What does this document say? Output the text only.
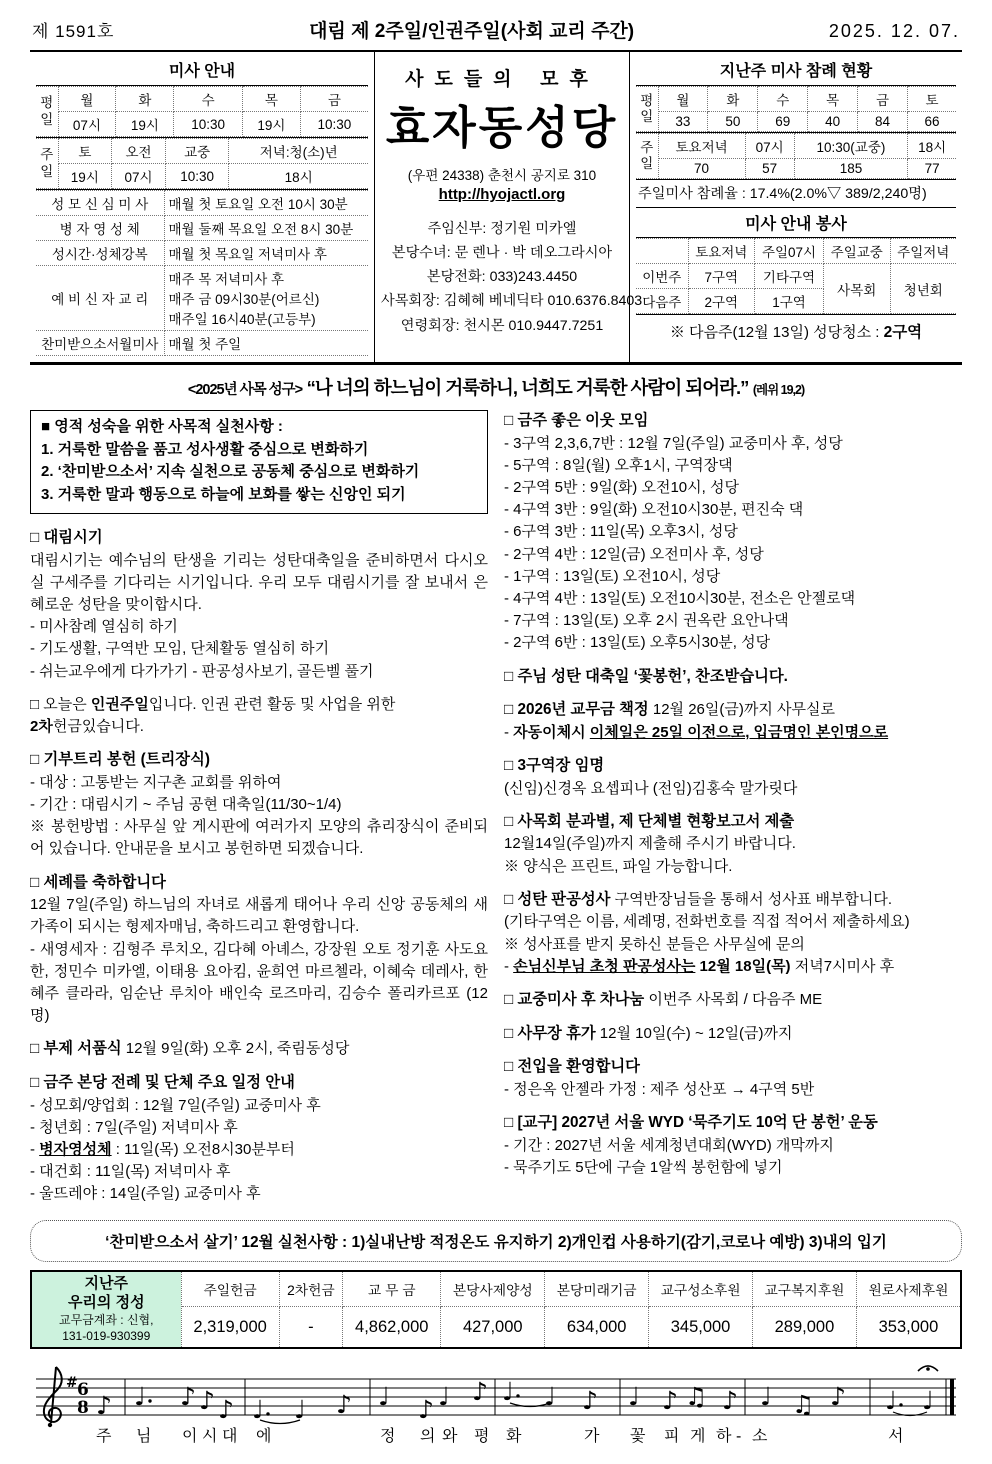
제 1591호	대림 제 2주일/인권주일(사회 교리 주간)	2025. 12. 07.
미사 안내
평일	월	화	수	목	금
	07시	19시	10:30	19시	10:30
주일	토	오전	교중	저녁:청(소)년
	19시	07시	10:30	18시
성 모 신 심 미 사	매월 첫 토요일 오전 10시 30분
병 자 영 성 체	매월 둘째 목요일 오전 8시 30분
성시간·성체강복	매월 첫 목요일 저녁미사 후
예 비 신 자 교 리	매주 목 저녁미사 후
매주 금 09시30분(어르신)
매주일 16시40분(고등부)

찬미받으소서월미사	매월 첫 주일
사도들의 모후
효자동성당
(우편 24338) 춘천시 공지로 310
http://hyojactl.org
주임신부: 정기원 미카엘
본당수녀: 문 렌나 · 박 데오그라시아
본당전화: 033)243.4450
사목회장: 김혜혜 베네딕타 010.6376.8403
연령회장: 천시몬 010.9447.7251
지난주 미사 참례 현황
평일	월	화	수	목	금	토
	33	50	69	40	84	66
주일	토요저녁	07시	10:30(교중)	18시
	70	57	185	77
주일미사 참례율 : 17.4%(2.0%▽ 389/2,240명)
미사 안내 봉사
	토요저녁	주일07시	주일교중	주일저녁
이번주	7구역	기타구역	사목회	청년회
다음주	2구역	1구역		
※ 다음주(12월 13일) 성당청소 : 2구역
<2025년 사목 성구> “나 너의 하느님이 거룩하니, 너희도 거룩한 사람이 되어라.” (레위 19,2)
■ 영적 성숙을 위한 사목적 실천사항 :
1. 거룩한 말씀을 품고 성사생활 중심으로 변화하기
2. ‘찬미받으소서’ 지속 실천으로 공동체 중심으로 변화하기
3. 거룩한 말과 행동으로 하늘에 보화를 쌓는 신앙인 되기
□ 대림시기
대림시기는 예수님의 탄생을 기리는 성탄대축일을 준비하면서 다시오실 구세주를 기다리는 시기입니다. 우리 모두 대림시기를 잘 보내서 은혜로운 성탄을 맞이합시다.
- 미사참례 열심히 하기
- 기도생활, 구역반 모임, 단체활동 열심히 하기
- 쉬는교우에게 다가가기 - 판공성사보기, 골든벨 풀기
□ 오늘은 인권주일입니다. 인권 관련 활동 및 사업을 위한
2차헌금있습니다.
□ 기부트리 봉헌 (트리장식)
- 대상 : 고통받는 지구촌 교회를 위하여
- 기간 : 대림시기 ~ 주님 공현 대축일(11/30~1/4)
※ 봉헌방법 : 사무실 앞 게시판에 여러가지 모양의 츄리장식이 준비되어 있습니다. 안내문을 보시고 봉헌하면 되겠습니다.
□ 세례를 축하합니다
12월 7일(주일) 하느님의 자녀로 새롭게 태어나 우리 신앙 공동체의 새 가족이 되시는 형제자매님, 축하드리고 환영합니다.
- 새영세자 : 김형주 루치오, 김다혜 아녜스, 강장원 오토 정기훈 사도요한, 정민수 미카엘, 이태용 요아킴, 윤희연 마르첼라, 이혜숙 데레사, 한혜주 클라라, 임순난 루치아 배인숙 로즈마리, 김승수 폴리카르포 (12명)
□ 부제 서품식 12월 9일(화) 오후 2시, 죽림동성당
□ 금주 본당 전례 및 단체 주요 일정 안내
- 성모회/양업회 : 12월 7일(주일) 교중미사 후
- 청년회 : 7일(주일) 저녁미사 후
- 병자영성체 : 11일(목) 오전8시30분부터
- 대건회 : 11일(목) 저녁미사 후
- 울뜨레야 : 14일(주일) 교중미사 후
□ 금주 좋은 이웃 모임
- 3구역 2,3,6,7반 : 12월 7일(주일) 교중미사 후, 성당
- 5구역 : 8일(월) 오후1시, 구역장댁
- 2구역 5반 : 9일(화) 오전10시, 성당
- 4구역 3반 : 9일(화) 오전10시30분, 편진숙 댁
- 6구역 3반 : 11일(목) 오후3시, 성당
- 2구역 4반 : 12일(금) 오전미사 후, 성당
- 1구역 : 13일(토) 오전10시, 성당
- 4구역 4반 : 13일(토) 오전10시30분, 전소은 안젤로댁
- 7구역 : 13일(토) 오후 2시 권옥란 요안나댁
- 2구역 6반 : 13일(토) 오후5시30분, 성당
□ 주님 성탄 대축일 ‘꽃봉헌’, 찬조받습니다.
□ 2026년 교무금 책정 12월 26일(금)까지 사무실로
- 자동이체시 이체일은 25일 이전으로, 입금명인 본인명으로
□ 3구역장 임명
(신임)신경옥 요셉피나 (전임)김홍숙 말가릿다
□ 사목회 분과별, 제 단체별 현황보고서 제출
12월14일(주일)까지 제출해 주시기 바랍니다.
※ 양식은 프린트, 파일 가능합니다.
□ 성탄 판공성사 구역반장님들을 통해서 성사표 배부합니다.
(기타구역은 이름, 세례명, 전화번호를 직접 적어서 제출하세요)
※ 성사표를 받지 못하신 분들은 사무실에 문의
- 손님신부님 초청 판공성사는 12월 18일(목) 저녁7시미사 후
□ 교중미사 후 차나눔 이번주 사목회 / 다음주 ME
□ 사무장 휴가 12월 10일(수) ~ 12일(금)까지
□ 전입을 환영합니다
- 정은옥 안젤라 가정 : 제주 성산포 → 4구역 5반
□ [교구] 2027년 서울 WYD ‘묵주기도 10억 단 봉헌’ 운동
- 기간 : 2027년 서울 세계청년대회(WYD) 개막까지
- 묵주기도 5단에 구슬 1알씩 봉헌함에 넣기
‘찬미받으소서 살기’ 12월 실천사항 : 1)실내난방 적정온도 유지하기 2)개인컵 사용하기(감기,코로나 예방) 3)내의 입기
지난주
우리의 정성
교무금계좌 : 신협,
131-019-930399	주일헌금	2차헌금	교 무 금	본당사제양성	본당미래기금	교구성소후원	교구복지후원	원로사제후원
	2,319,000	-	4,862,000	427,000	634,000	345,000	289,000	353,000
# 6
8 ♪ ♩ ♪ ♪ ♪ ♩ ♩ ♪ ♩ ♪ ♩ ♪ ♩ ♩ ♪ ♩ ♪ ♫ ♪ ♩ ♫ ♪ ♩ ♩
주 님 이 시 대 에	정 의 와 평 화	가 꽃 피 게 하 - 소	서
